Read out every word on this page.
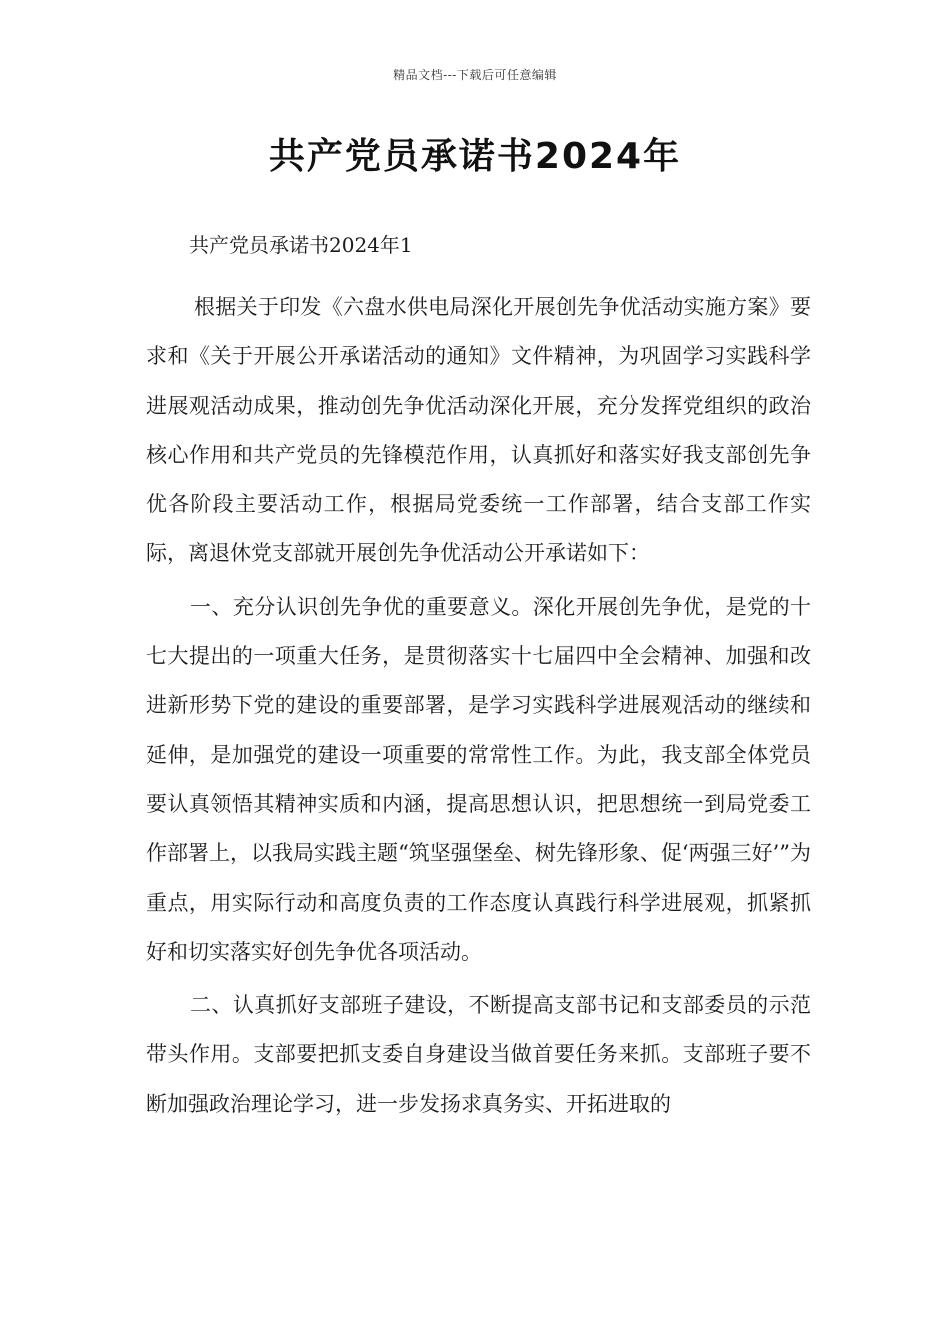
精品文档---下载后可任意编辑
共产党员承诺书2024年

共产党员承诺书2024年1

根据关于印发《六盘水供电局深化开展创先争优活动实施方案》要求和《关于开展公开承诺活动的通知》文件精神，为巩固学习实践科学进展观活动成果，推动创先争优活动深化开展，充分发挥党组织的政治核心作用和共产党员的先锋模范作用，认真抓好和落实好我支部创先争优各阶段主要活动工作，根据局党委统一工作部署，结合支部工作实际，离退休党支部就开展创先争优活动公开承诺如下：

一、充分认识创先争优的重要意义。深化开展创先争优，是党的十七大提出的一项重大任务，是贯彻落实十七届四中全会精神、加强和改进新形势下党的建设的重要部署，是学习实践科学进展观活动的继续和延伸，是加强党的建设一项重要的常常性工作。为此，我支部全体党员要认真领悟其精神实质和内涵，提高思想认识，把思想统一到局党委工作部署上，以我局实践主题“筑坚强堡垒、树先锋形象、促‘两强三好’”为重点，用实际行动和高度负责的工作态度认真践行科学进展观，抓紧抓好和切实落实好创先争优各项活动。

二、认真抓好支部班子建设，不断提高支部书记和支部委员的示范带头作用。支部要把抓支委自身建设当做首要任务来抓。支部班子要不断加强政治理论学习，进一步发扬求真务实、开拓进取的
